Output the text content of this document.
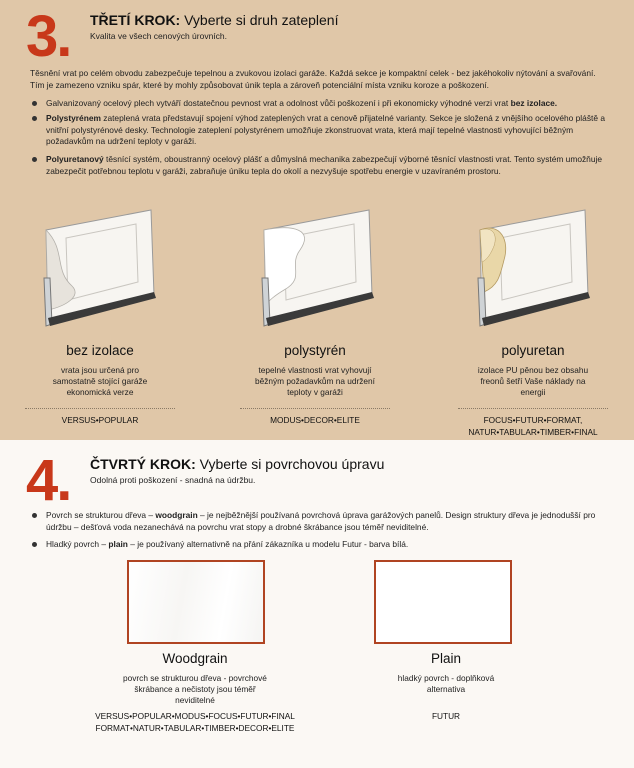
3. TŘETÍ KROK: Vyberte si druh zateplení
Kvalita ve všech cenových úrovních.
Těsnění vrat po celém obvodu zabezpečuje tepelnou a zvukovou izolaci garáže. Každá sekce je kompaktní celek - bez jakéhokoliv nýtování a svařování. Tím je zamezeno vzniku spár, které by mohly způsobovat únik tepla a zároveň potenciální místa vzniku koroze a poškození.
Galvanizovaný ocelový plech vytváří dostatečnou pevnost vrat a odolnost vůči poškození i při ekonomicky výhodné verzi vrat bez izolace.
Polystyrénem zateplená vrata představují spojení výhod zateplených vrat a cenově přijatelné varianty. Sekce je složená z vnějšího ocelového pláště a vnitřní polystyrénové desky. Technologie zateplení polystyrénem umožňuje zkonstruovat vrata, která mají tepelné vlastnosti vyhovující běžným požadavkům na udržení teploty v garáži.
Polyuretanový těsnící systém, oboustranný ocelový plášť a důmyslná mechanika zabezpečují výborné těsnící vlastnosti vrat. Tento systém umožňuje zabezpečit potřebnou teplotu v garáži, zabraňuje úniku tepla do okolí a nezvyšuje spotřebu energie v uzavíraném prostoru.
bez izolace
vrata jsou určená pro samostatně stojící garáže ekonomická verze
VERSUS•POPULAR
polystyrén
tepelné vlastnosti vrat vyhovují běžným požadavkům na udržení teploty v garáži
MODUS•DECOR•ELITE
polyuretan
izolace PU pěnou bez obsahu freonů šetří Vaše náklady na energii
FOCUS•FUTUR•FORMAT,
NATUR•TABULAR•TIMBER•FINAL
4. ČTVRTÝ KROK: Vyberte si povrchovou úpravu
Odolná proti poškození - snadná na údržbu.
Povrch se strukturou dřeva – woodgrain – je nejběžnější používaná povrchová úprava garážových panelů. Design struktury dřeva je jednodušší pro údržbu – dešťová voda nezanechává na povrchu vrat stopy a drobné škrábance jsou téměř neviditelné.
Hladký povrch – plain – je používaný alternativně na přání zákazníka u modelu Futur - barva bílá.
Woodgrain
povrch se strukturou dřeva - povrchové škrábance a nečistoty jsou téměř neviditelné
VERSUS•POPULAR•MODUS•FOCUS•FUTUR•FINAL
FORMAT•NATUR•TABULAR•TIMBER•DECOR•ELITE
Plain
hladký povrch - doplňková alternativa
FUTUR
